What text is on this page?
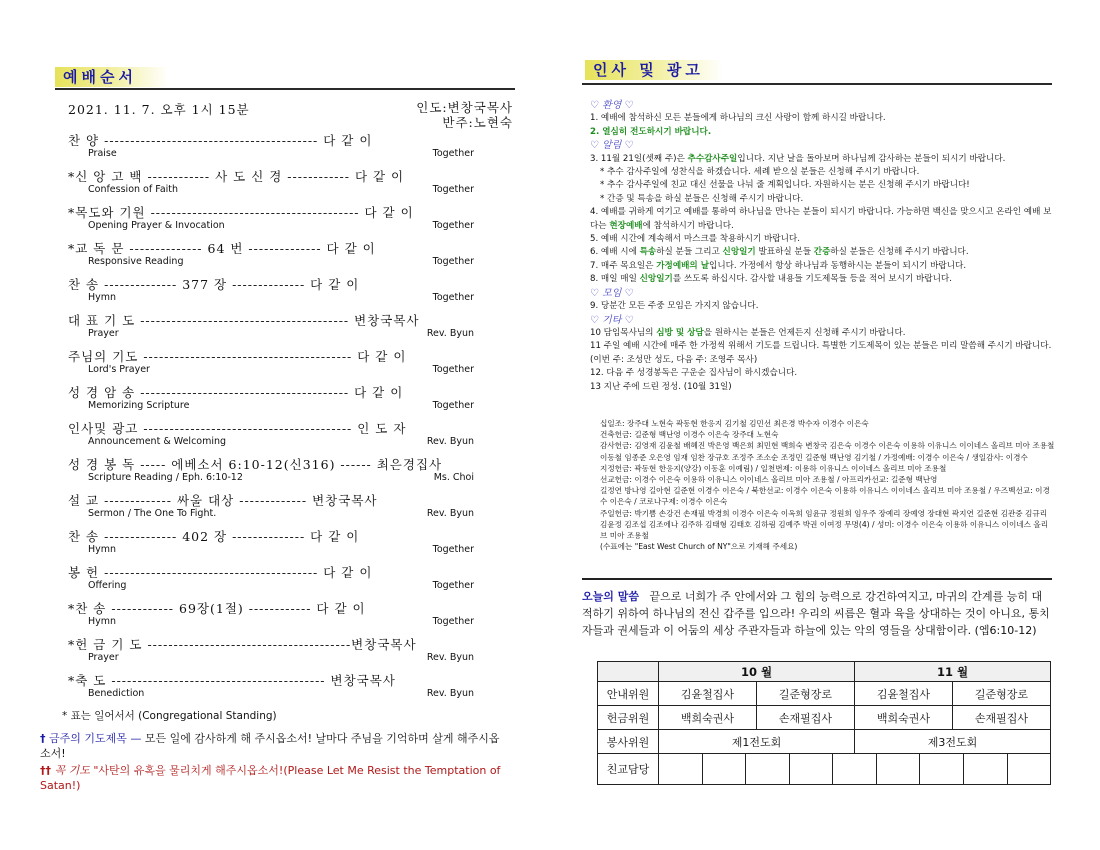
예배순서
2021. 11. 7. 오후 1시 15분	인도:변창국목사
반주:노현숙
찬 양 ----------------------------------------- 다 같 이
Praise	Together
*신 앙 고 백 ------------ 사 도 신 경 ------------ 다 같 이
Confession of Faith	Together
*목도와 기원 ---------------------------------------- 다 같 이
Opening Prayer & Invocation	Together
*교 독 문 -------------- 64 번 -------------- 다 같 이
Responsive Reading	Together
찬 송 -------------- 377 장 -------------- 다 같 이
Hymn	Together
대 표 기 도 ---------------------------------------- 변창국목사
Prayer	Rev. Byun
주님의 기도 ---------------------------------------- 다 같 이
Lord's Prayer	Together
성 경 암 송 ---------------------------------------- 다 같 이
Memorizing Scripture	Together
인사및 광고 ---------------------------------------- 인 도 자
Announcement & Welcoming	Rev. Byun
성 경 봉 독 ----- 에베소서 6:10-12(신316) ------ 최은경집사
Scripture Reading / Eph. 6:10-12	Ms. Choi
설 교 ------------- 싸울 대상 ------------- 변창국목사
Sermon / The One To Fight.	Rev. Byun
찬 송 -------------- 402 장 -------------- 다 같 이
Hymn	Together
봉 헌 ----------------------------------------- 다 같 이
Offering	Together
*찬 송 ------------ 69장(1절) ------------ 다 같 이
Hymn	Together
*헌 금 기 도 ---------------------------------------변창국목사
Prayer	Rev. Byun
*축 도 ----------------------------------------- 변창국목사
Benediction	Rev. Byun
* 표는 일어서서 (Congregational Standing)
† 금주의 기도제목 — 모든 일에 감사하게 해 주시옵소서! 날마다 주님을 기억하며 살게 해주시옵소서!
†† 꼭 기도 "사탄의 유혹을 물리치게 해주시옵소서!(Please Let Me Resist the Temptation of Satan!)
인사 및 광고
♡ 환영 ♡
1. 예배에 참석하신 모든 분들에게 하나님의 크신 사랑이 함께 하시길 바랍니다.
2. 열심히 전도하시기 바랍니다.
♡ 알림 ♡
3. 11월 21일(셋째 주)은 추수감사주일입니다. 지난 날을 돌아보며 하나님께 감사하는 분들이 되시기 바랍니다.
* 추수 감사주일에 성찬식을 하겠습니다. 세례 받으실 분들은 신청해 주시기 바랍니다.
* 추수 감사주일에 친교 대신 선물을 나눠 줄 계획입니다. 자원하시는 분은 신청해 주시기 바랍니다!
* 간증 및 특송을 하실 분들은 신청해 주시기 바랍니다.
4. 예배를 귀하게 여기고 예배를 통하여 하나님을 만나는 분들이 되시기 바랍니다. 가능하면 백신을 맞으시고 온라인 예배 보다는 현장예배에 참석하시기 바랍니다.
5. 예배 시간에 계속해서 마스크를 착용하시기 바랍니다.
6. 예배 시에 특송하실 분들 그리고 신앙일기 발표하실 분들 간증하실 분들은 신청해 주시기 바랍니다.
7. 매주 목요일은 가정예배의 날입니다. 가정에서 항상 하나님과 동행하시는 분들이 되시기 바랍니다.
8. 매일 매일 신앙일기를 쓰도록 하십시다. 감사할 내용들 기도제목들 등을 적어 보시기 바랍니다.
♡ 모임 ♡
9. 당분간 모든 주중 모임은 가지지 않습니다.
♡ 기타 ♡
10 담임목사님의 심방 및 상담을 원하시는 분들은 언제든지 신청해 주시기 바랍니다.
11 주일 예배 시간에 매주 한 가정씩 위해서 기도를 드립니다. 특별한 기도제목이 있는 분들은 미리 말씀해 주시기 바랍니다. (이번 주: 조성만 성도, 다음 주: 조영주 목사)
12. 다음 주 성경봉독은 구운순 집사님이 하시겠습니다.
13 지난 주에 드린 정성. (10월 31일)
십일조: 장주대 노현숙 곽동현 한응지 김기철 김민선 최은경 박수자 이경수 이은숙
건축헌금: 길준형 백난영 이경수 이은숙 장주대 노현숙
감사헌금: 김영재 김윤철 배혜진 박은영 백은희 최민현 백희숙 변창국 김은숙 이경수 이은숙 이용하 이유니스 이이네스 올리브 미아 조용철 이동철 임종준 오은영 임재 임찬 장규호 조정주 조소순 조정민 길준형 백난영 김기철 / 가정예배: 이경수 이은숙 / 생일감사: 이경수
지정헌금: 곽동현 한응지(양강) 이동훈 이예림) / 일천번제: 이용하 이유니스 이이네스 올리브 미아 조용철
선교헌금: 이경수 이은숙 이용하 이유니스 이이네스 올리브 미아 조용철 / 아프리카선교: 길준형 백난영
길정연 방나영 길아현 길준현 이경수 이은숙 / 북한선교: 이경수 이은숙 이용하 이유니스 이이네스 올리브 미아 조용철 / 우즈벡선교: 이경수 이은숙 / 코로나구제: 이경수 이은숙
주일헌금: 박기쁨 손강건 손재필 박경희 이경수 이은숙 이옥희 임윤규 정원희 임우주 장예리 장예영 장대현 곽지연 길준현 김관중 김규리 김윤정 김조섭 김조에나 김주하 김태형 김태호 김하림 김예주 박권 이여정 무명(4) / 성미: 이경수 이은숙 이용하 이유니스 이이네스 올리브 미아 조용철
(수표에는 "East West Church of NY"으로 기재해 주세요)
오늘의 말씀 끝으로 너희가 주 안에서와 그 힘의 능력으로 강건하여지고, 마귀의 간계를 능히 대적하기 위하여 하나님의 전신 갑주를 입으라! 우리의 씨름은 혈과 육을 상대하는 것이 아니요, 통치자들과 권세들과 이 어둠의 세상 주관자들과 하늘에 있는 악의 영들을 상대함이라. (엡6:10-12)
	10 월		11 월	
안내위원	김윤철집사	길준형장로	김윤철집사	길준형장로
헌금위원	백희숙권사	손재필집사	백희숙권사	손재필집사
봉사위원	제1전도회		제3전도회	
친교담당				
